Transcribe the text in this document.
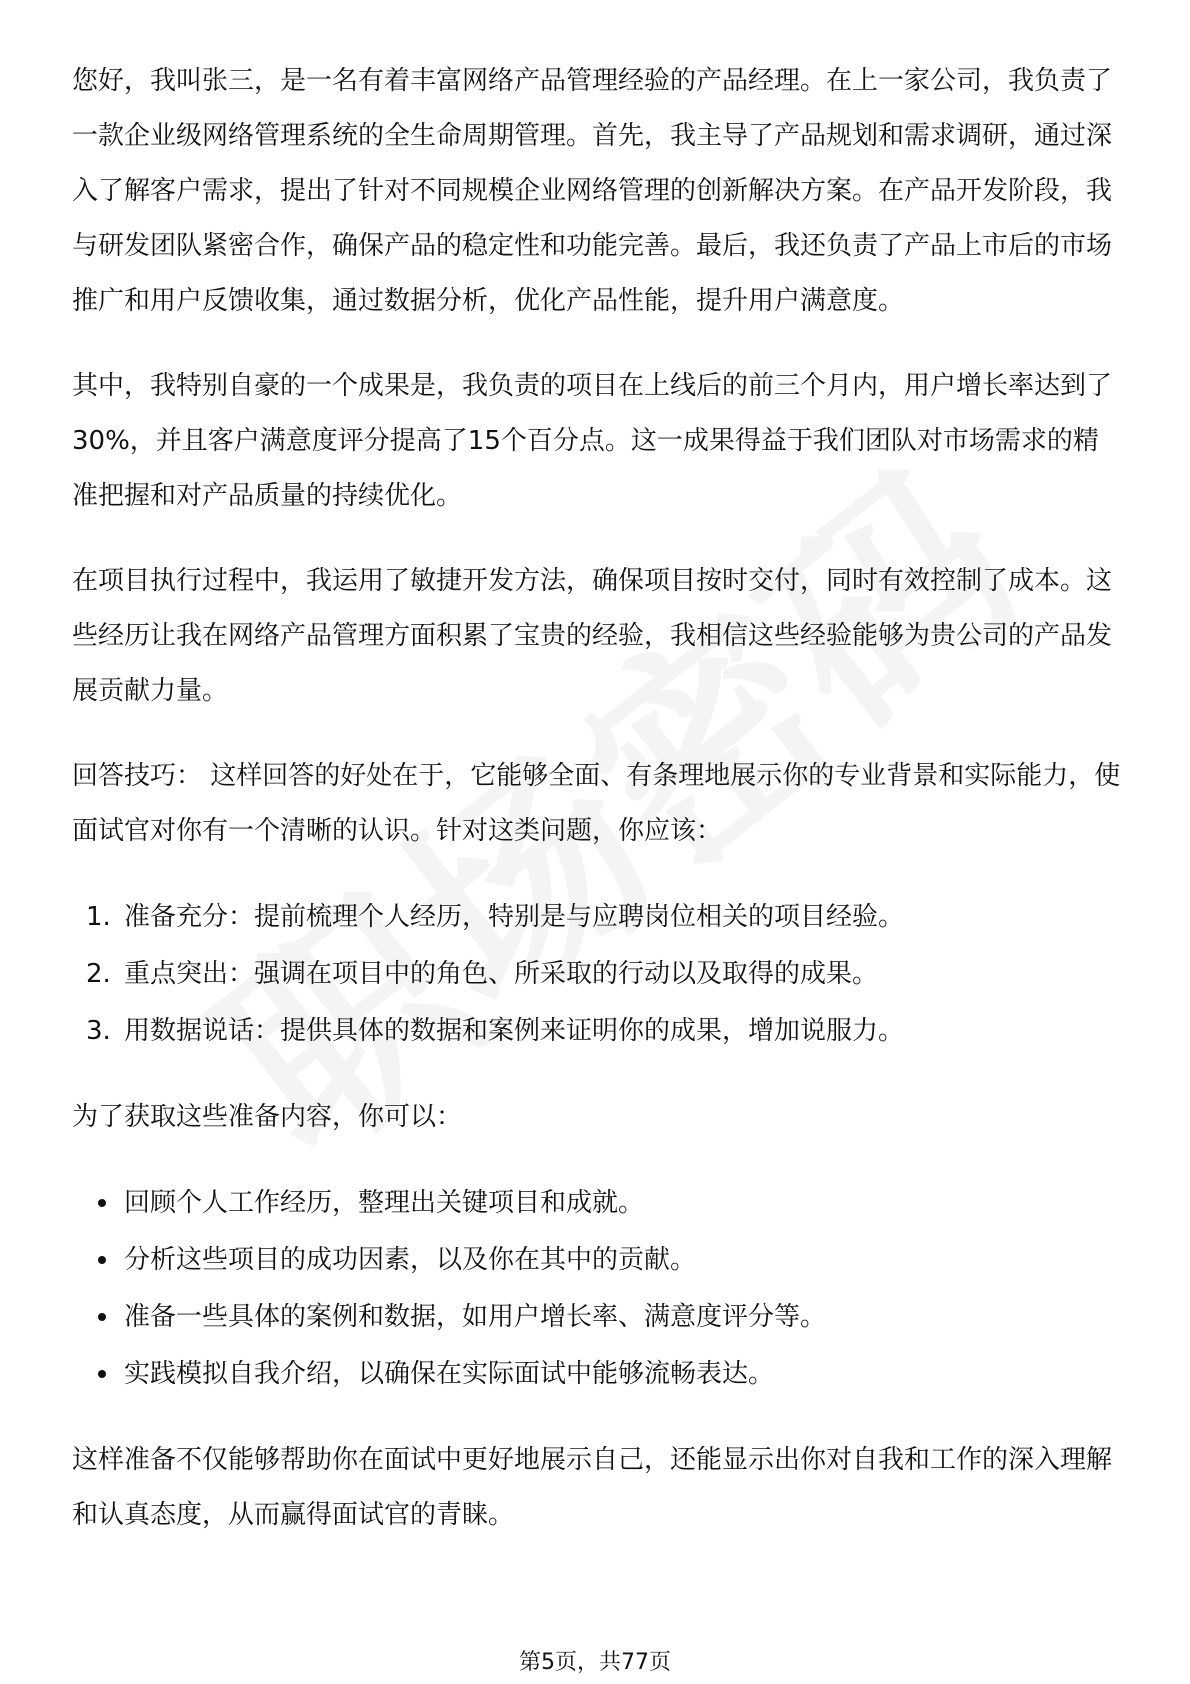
您好，我叫张三，是一名有着丰富网络产品管理经验的产品经理。在上一家公司，我负责了一款企业级网络管理系统的全生命周期管理。首先，我主导了产品规划和需求调研，通过深入了解客户需求，提出了针对不同规模企业网络管理的创新解决方案。在产品开发阶段，我与研发团队紧密合作，确保产品的稳定性和功能完善。最后，我还负责了产品上市后的市场推广和用户反馈收集，通过数据分析，优化产品性能，提升用户满意度。

其中，我特别自豪的一个成果是，我负责的项目在上线后的前三个月内，用户增长率达到了30%，并且客户满意度评分提高了15个百分点。这一成果得益于我们团队对市场需求的精准把握和对产品质量的持续优化。

在项目执行过程中，我运用了敏捷开发方法，确保项目按时交付，同时有效控制了成本。这些经历让我在网络产品管理方面积累了宝贵的经验，我相信这些经验能够为贵公司的产品发展贡献力量。

回答技巧： 这样回答的好处在于，它能够全面、有条理地展示你的专业背景和实际能力，使面试官对你有一个清晰的认识。针对这类问题，你应该：

1. 准备充分：提前梳理个人经历，特别是与应聘岗位相关的项目经验。
2. 重点突出：强调在项目中的角色、所采取的行动以及取得的成果。
3. 用数据说话：提供具体的数据和案例来证明你的成果，增加说服力。

为了获取这些准备内容，你可以：

回顾个人工作经历，整理出关键项目和成就。
分析这些项目的成功因素，以及你在其中的贡献。
准备一些具体的案例和数据，如用户增长率、满意度评分等。
实践模拟自我介绍，以确保在实际面试中能够流畅表达。

这样准备不仅能够帮助你在面试中更好地展示自己，还能显示出你对自我和工作的深入理解和认真态度，从而赢得面试官的青睐。

第5页，共77页
